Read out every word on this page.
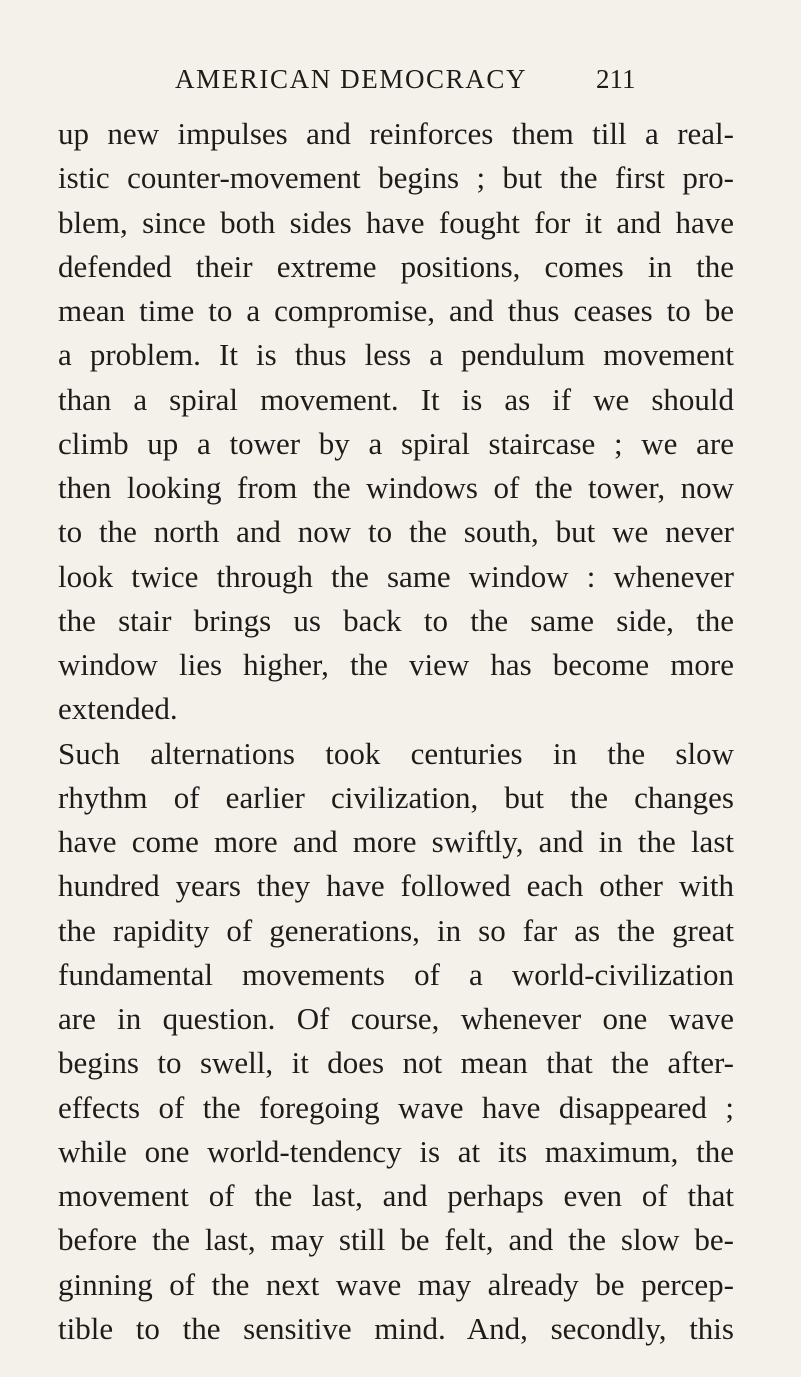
AMERICAN DEMOCRACY	211
up new impulses and reinforces them till a real-
istic counter-movement begins ; but the first pro-
blem, since both sides have fought for it and have
defended their extreme positions, comes in the
mean time to a compromise, and thus ceases to be
a problem. It is thus less a pendulum movement
than a spiral movement. It is as if we should
climb up a tower by a spiral staircase ; we are
then looking from the windows of the tower, now
to the north and now to the south, but we never
look twice through the same window : whenever
the stair brings us back to the same side, the
window lies higher, the view has become more
extended.
Such alternations took centuries in the slow
rhythm of earlier civilization, but the changes
have come more and more swiftly, and in the last
hundred years they have followed each other with
the rapidity of generations, in so far as the great
fundamental movements of a world-civilization
are in question. Of course, whenever one wave
begins to swell, it does not mean that the after-
effects of the foregoing wave have disappeared ;
while one world-tendency is at its maximum, the
movement of the last, and perhaps even of that
before the last, may still be felt, and the slow be-
ginning of the next wave may already be percep-
tible to the sensitive mind. And, secondly, this
